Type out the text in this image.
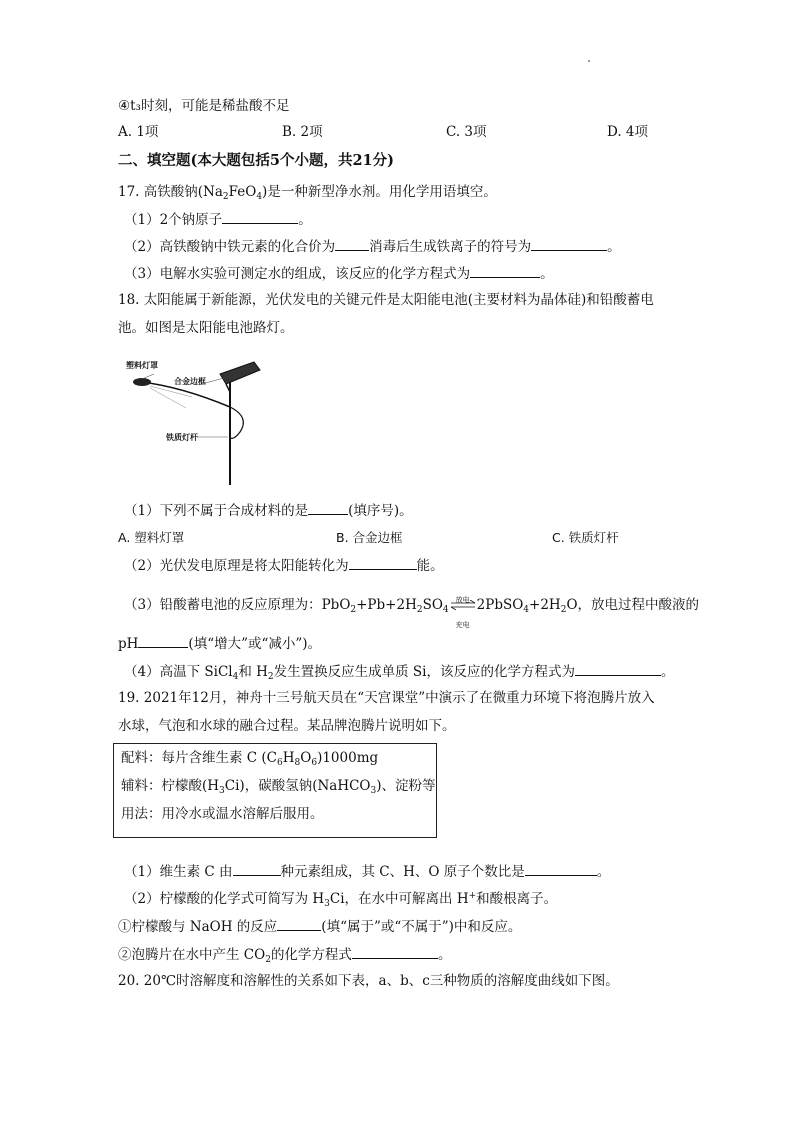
④t₃时刻，可能是稀盐酸不足
A. 1项	B. 2项	C. 3项	D. 4项
二、填空题(本大题包括5个小题，共21分)
17. 高铁酸钠$(Na_2FeO_4)$是一种新型净水剂。用化学用语填空。
（1）2个钠原子	。
（2）高铁酸钠中铁元素的化合价为	消毒后生成铁离子的符号为	。
（3）电解水实验可测定水的组成，该反应的化学方程式为	。
18. 太阳能属于新能源，光伏发电的关键元件是太阳能电池(主要材料为晶体硅)和铅酸蓄电
池。如图是太阳能电池路灯。
塑料灯罩
合金边框
铁质灯杆
（1）下列不属于合成材料的是	(填序号)。
A. 塑料灯罩	B. 合金边框	C. 铁质灯杆
（2）光伏发电原理是将太阳能转化为	能。
（3）铅酸蓄电池的反应原理为：$PbO_2+Pb+2H_2SO_4$
放电
充电
$2PbSO_4+2H_2O$，放电过程中酸液的
pH	(填“增大”或“减小”)。
（4）高温下 SiCl$_4$和 $H_2$发生置换反应生成单质 Si，该反应的化学方程式为	。
19. 2021年12月，神舟十三号航天员在“天宫课堂”中演示了在微重力环境下将泡腾片放入
水球，气泡和水球的融合过程。某品牌泡腾片说明如下。
配料：每片含维生素 C $(C_6H_8O_6)1000mg$
辅料：柠檬酸$(H_3Ci)$，碳酸氢钠(NaHCO$_3$)、淀粉等
用法：用冷水或温水溶解后服用。
（1）维生素 C 由	种元素组成，其 C、H、O 原子个数比是	。
（2）柠檬酸的化学式可简写为 $H_3Ci$，在水中可解离出 H+和酸根离子。
①柠檬酸与 NaOH 的反应	(填“属于”或“不属于”)中和反应。
②泡腾片在水中产生 $CO_2$的化学方程式	。
20. 20℃时溶解度和溶解性的关系如下表，a、b、c三种物质的溶解度曲线如下图。
